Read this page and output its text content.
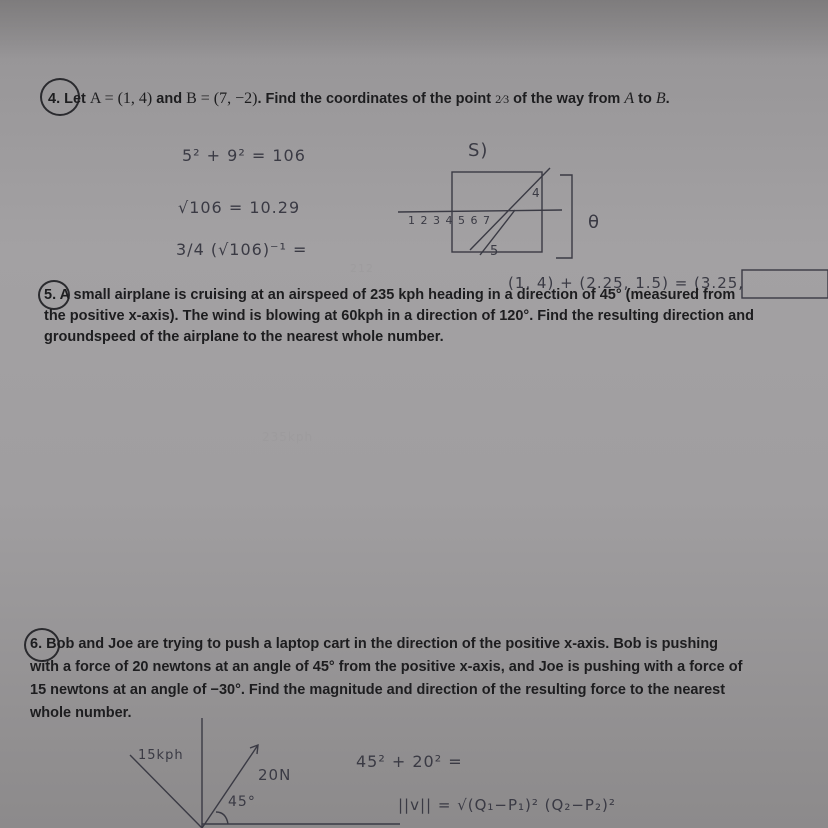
4. Let A = (1, 4) and B = (7, −2). Find the coordinates of the point 2⁄3 of the way from A to B.
5² + 9² = 106
√106 = 10.29
3/4 (√106)⁻¹ =
S)
4
1 2 3 4 5 6 7
5
θ
(1, 4) + (2.25, 1.5) = (3.25,
212
5. A small airplane is cruising at an airspeed of 235 kph heading in a direction of 45° (measured from
the positive x-axis). The wind is blowing at 60kph in a direction of 120°. Find the resulting direction and
groundspeed of the airplane to the nearest whole number.
235kph
6. Bob and Joe are trying to push a laptop cart in the direction of the positive x-axis. Bob is pushing
with a force of 20 newtons at an angle of 45° from the positive x-axis, and Joe is pushing with a force of
15 newtons at an angle of −30°. Find the magnitude and direction of the resulting force to the nearest
whole number.
15kph
20N
45°
45² + 20² =
||v|| = √(Q₁−P₁)² (Q₂−P₂)²
